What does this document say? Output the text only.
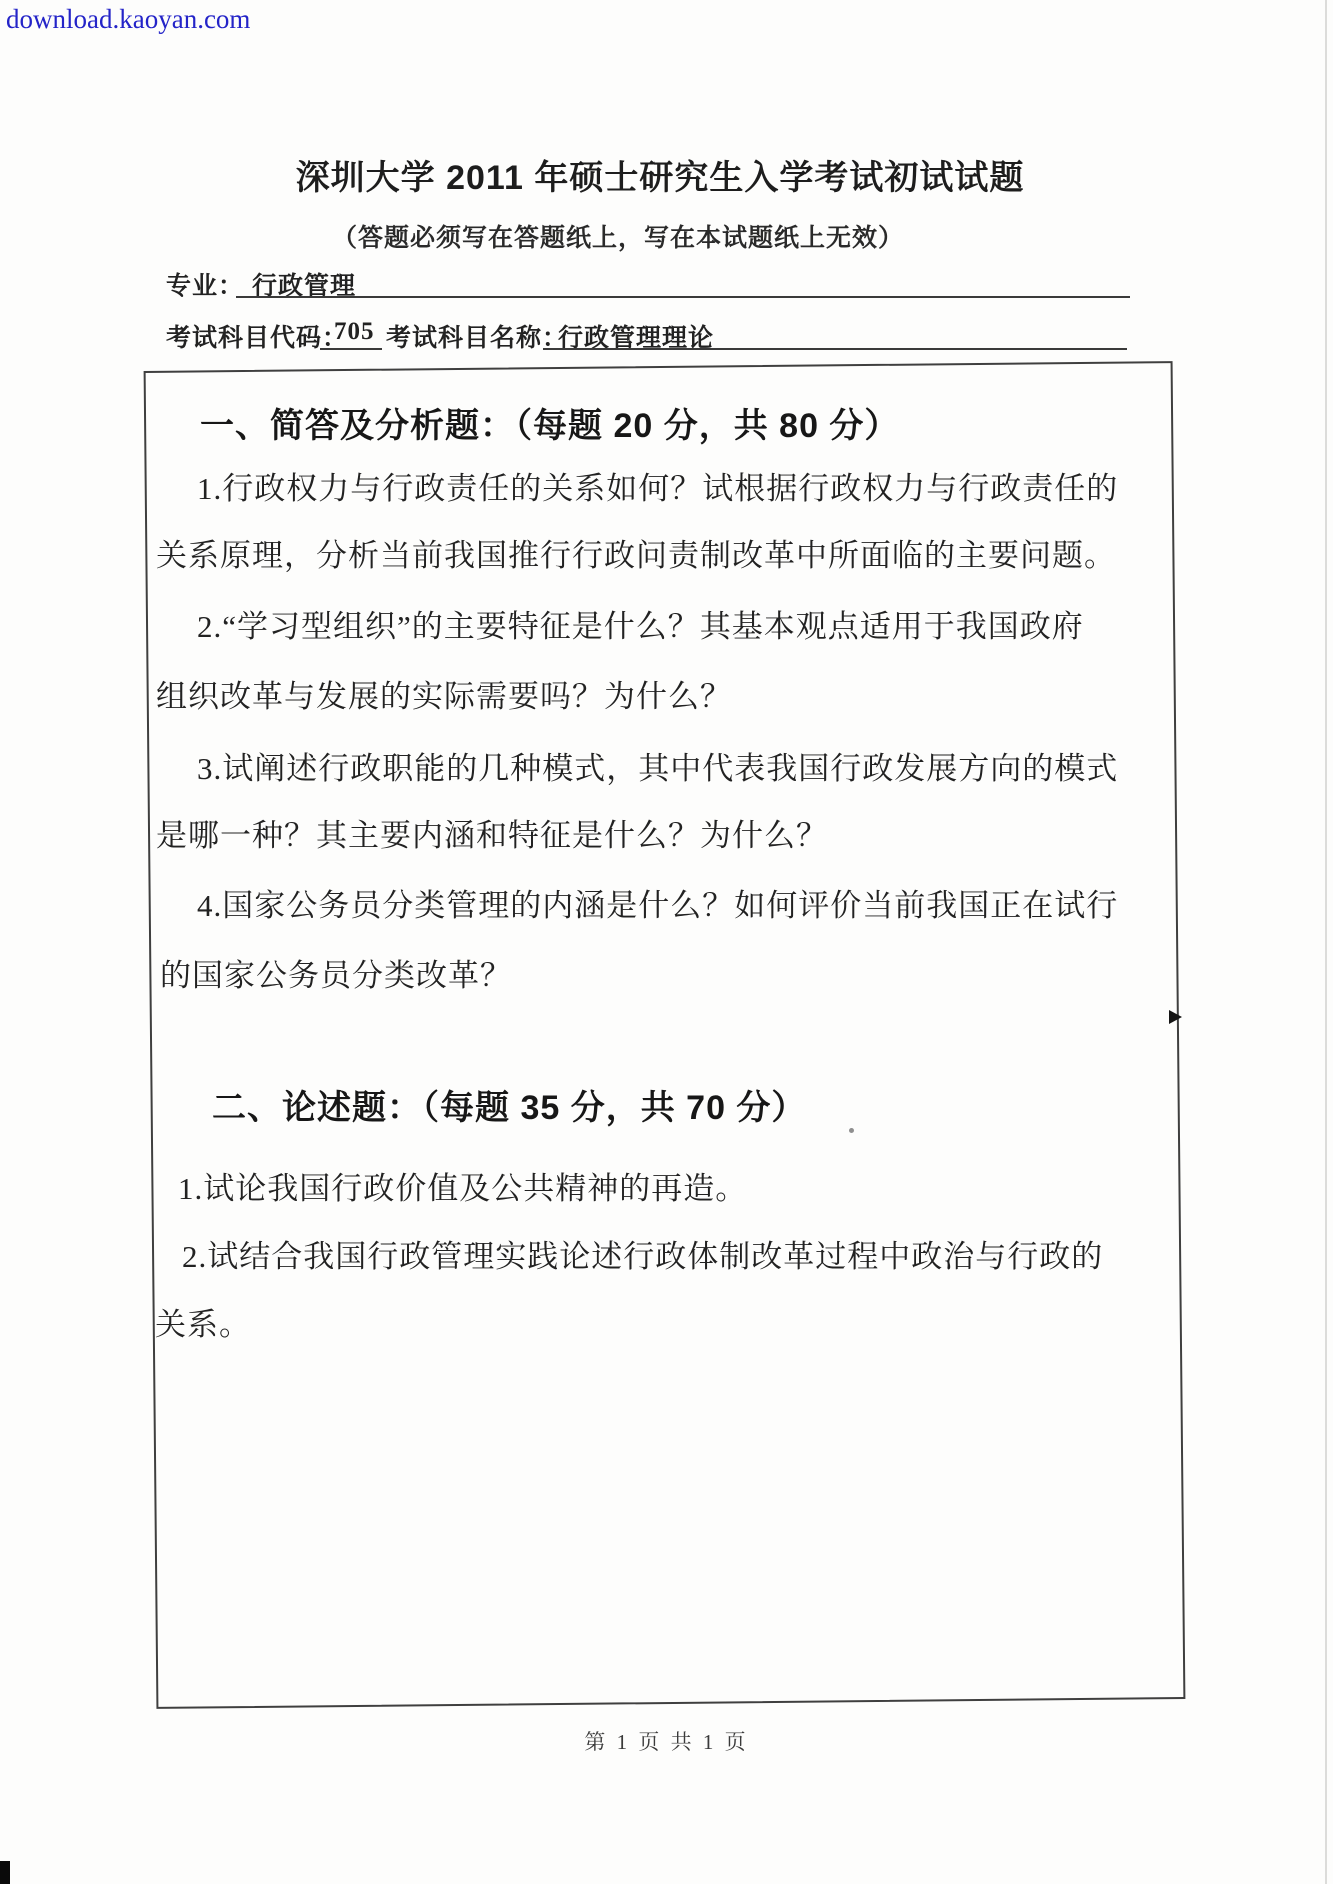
download.kaoyan.com
深圳大学 2011 年硕士研究生入学考试初试试题
（答题必须写在答题纸上，写在本试题纸上无效）
专业： 行政管理
考试科目代码：
705 考试科目名称：
行政管理理论
一、简答及分析题：（每题 20 分，共 80 分）
1.行政权力与行政责任的关系如何？试根据行政权力与行政责任的
关系原理，分析当前我国推行行政问责制改革中所面临的主要问题。
2.“学习型组织”的主要特征是什么？其基本观点适用于我国政府
组织改革与发展的实际需要吗？为什么？
3.试阐述行政职能的几种模式，其中代表我国行政发展方向的模式
是哪一种？其主要内涵和特征是什么？为什么？
4.国家公务员分类管理的内涵是什么？如何评价当前我国正在试行
的国家公务员分类改革？
二、论述题：（每题 35 分，共 70 分）
1.试论我国行政价值及公共精神的再造。
2.试结合我国行政管理实践论述行政体制改革过程中政治与行政的
关系。
第 1 页 共 1 页
